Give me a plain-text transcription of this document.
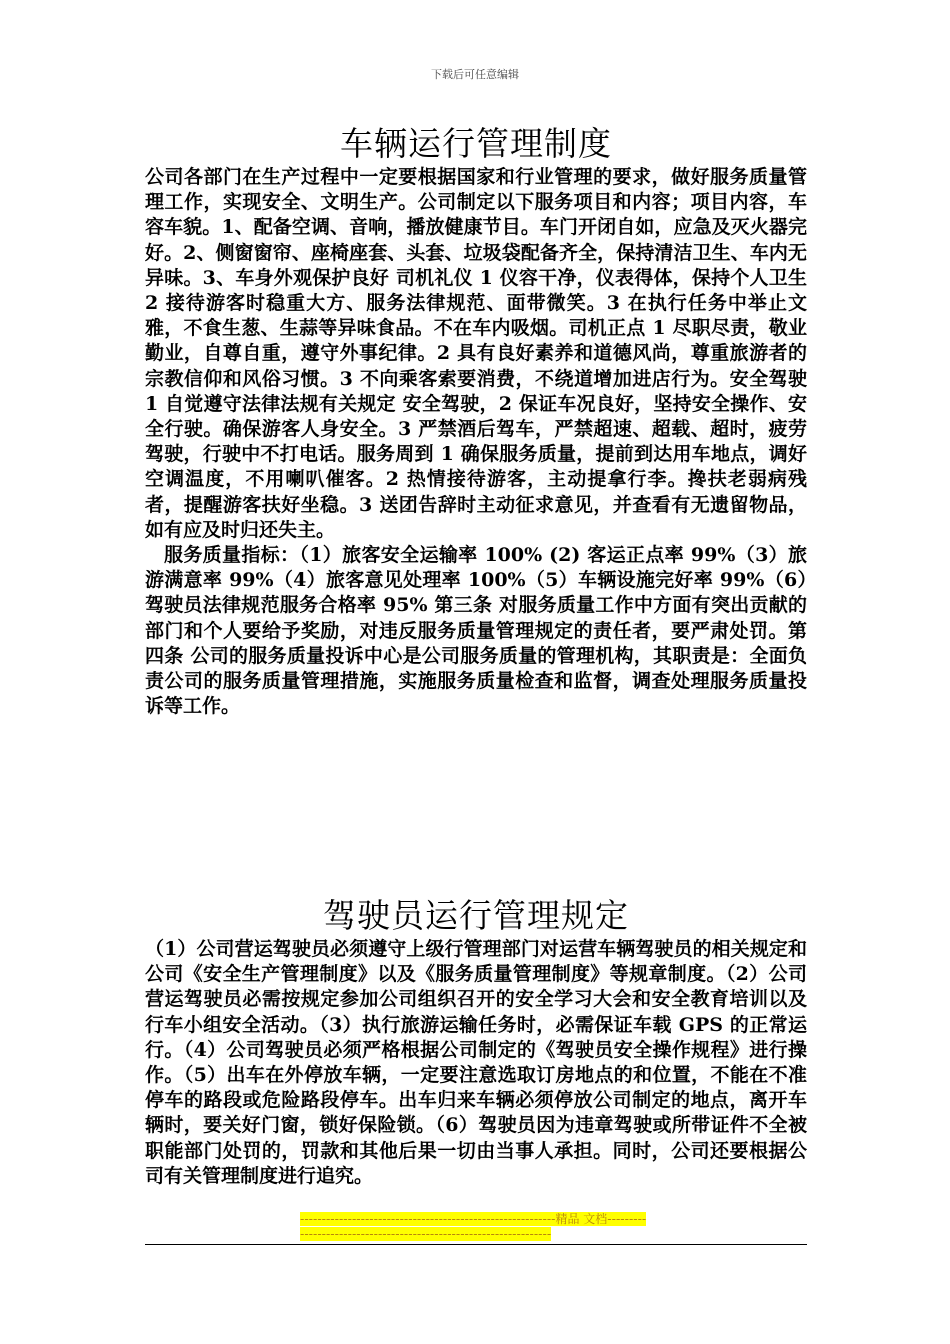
下载后可任意编辑
车辆运行管理制度

公司各部门在生产过程中一定要根据国家和行业管理的要求，做好服务质量管理工作，实现安全、文明生产。公司制定以下服务项目和内容；项目内容，车容车貌。1、配备空调、音响，播放健康节目。车门开闭自如，应急及灭火器完好。2、侧窗窗帘、座椅座套、头套、垃圾袋配备齐全，保持清洁卫生、车内无异味。3、车身外观保护良好 司机礼仪 1 仪容干净，仪表得体，保持个人卫生 2 接待游客时稳重大方、服务法律规范、面带微笑。3 在执行任务中举止文雅，不食生葱、生蒜等异味食品。不在车内吸烟。司机正点 1 尽职尽责，敬业勤业，自尊自重，遵守外事纪律。2 具有良好素养和道德风尚，尊重旅游者的宗教信仰和风俗习惯。3 不向乘客索要消费，不绕道增加进店行为。安全驾驶 1 自觉遵守法律法规有关规定 安全驾驶，2 保证车况良好，坚持安全操作、安全行驶。确保游客人身安全。3 严禁酒后驾车，严禁超速、超载、超时，疲劳驾驶，行驶中不打电话。服务周到 1 确保服务质量，提前到达用车地点，调好空调温度，不用喇叭催客。2 热情接待游客，主动提拿行李。搀扶老弱病残者，提醒游客扶好坐稳。3 送团告辞时主动征求意见，并查看有无遗留物品，如有应及时归还失主。

服务质量指标：（1）旅客安全运输率 100% (2) 客运正点率 99%（3）旅游满意率 99%（4）旅客意见处理率 100%（5）车辆设施完好率 99%（6）驾驶员法律规范服务合格率 95% 第三条 对服务质量工作中方面有突出贡献的部门和个人要给予奖励，对违反服务质量管理规定的责任者，要严肃处罚。第四条 公司的服务质量投诉中心是公司服务质量的管理机构，其职责是：全面负责公司的服务质量管理措施，实施服务质量检查和监督，调查处理服务质量投诉等工作。

驾驶员运行管理规定

（1）公司营运驾驶员必须遵守上级行管理部门对运营车辆驾驶员的相关规定和公司《安全生产管理制度》以及《服务质量管理制度》等规章制度。（2）公司营运驾驶员必需按规定参加公司组织召开的安全学习大会和安全教育培训以及行车小组安全活动。（3）执行旅游运输任务时，必需保证车载 GPS 的正常运行。（4）公司驾驶员必须严格根据公司制定的《驾驶员安全操作规程》进行操作。（5）出车在外停放车辆，一定要注意选取订房地点的和位置，不能在不准停车的路段或危险路段停车。出车归来车辆必须停放公司制定的地点，离开车辆时，要关好门窗，锁好保险锁。（6）驾驶员因为违章驾驶或所带证件不全被职能部门处罚的，罚款和其他后果一切由当事人承担。同时，公司还要根据公司有关管理制度进行追究。

-----------------------------------------------------------精品 文档-------------------------------------------------------------------
